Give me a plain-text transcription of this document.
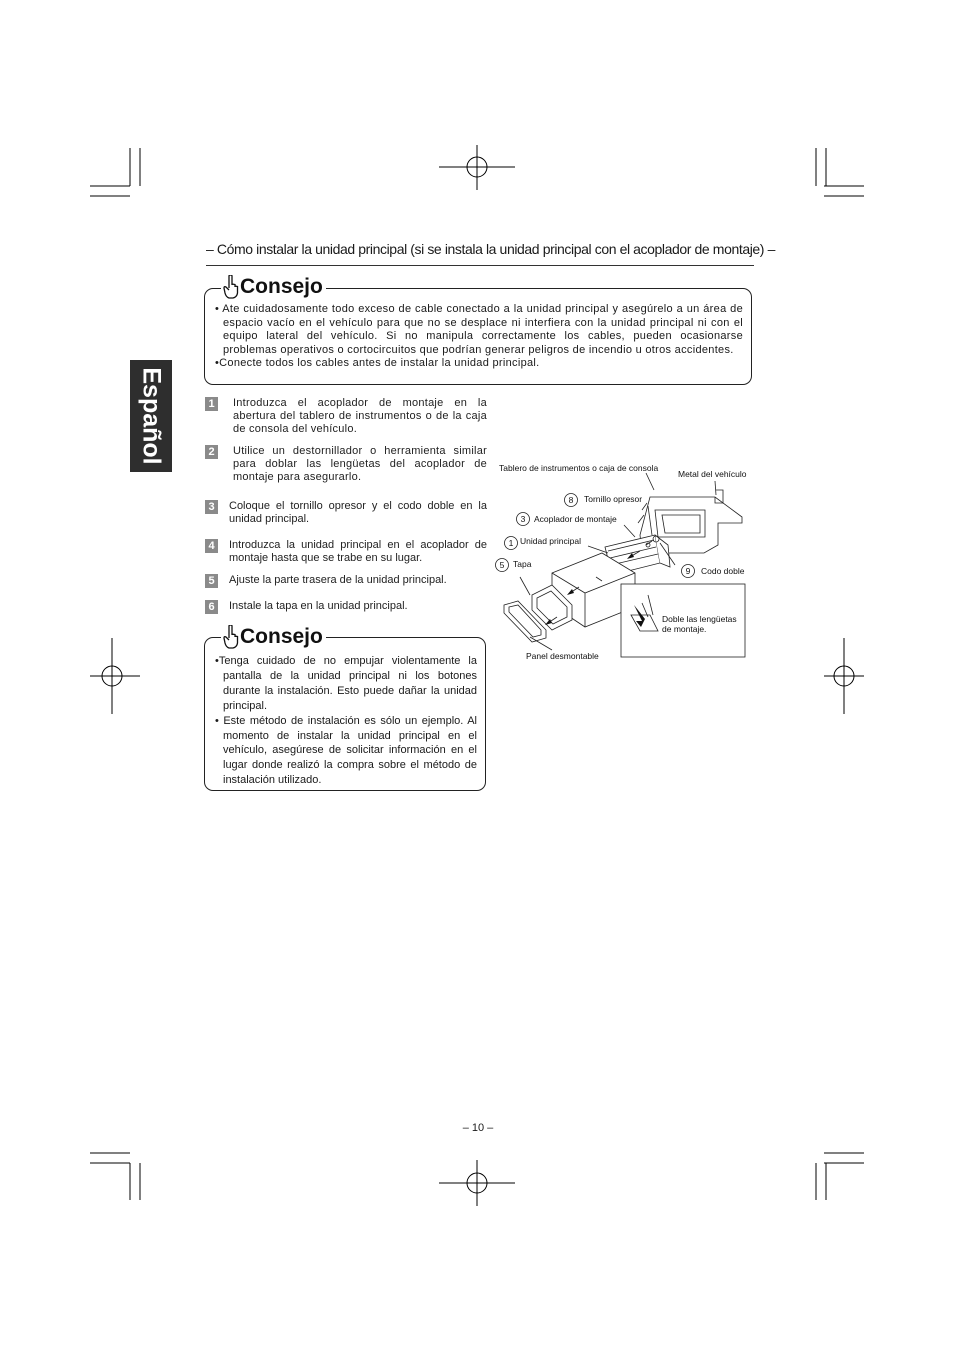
Español
– Cómo instalar la unidad principal (si se instala la unidad principal con el acoplador de montaje) –
Consejo

• Ate cuidadosamente todo exceso de cable conectado a la unidad principal y asegúrelo a un área de espacio vacío en el vehículo para que no se desplace ni interfiera con la unidad principal ni con el equipo lateral del vehículo. Si no manipula correctamente los cables, pueden ocasionarse problemas operativos o cortocircuitos que podrían generar peligros de incendio u otros accidentes.

•Conecte todos los cables antes de instalar la unidad principal.

1	Introduzca el acoplador de montaje en la abertura del tablero de instrumentos o de la caja de consola del vehículo.
2	Utilice un destornillador o herramienta similar para doblar las lengüetas del acoplador de montaje para asegurarlo.
3	Coloque el tornillo opresor y el codo doble en la unidad principal.
4	Introduzca la unidad principal en el acoplador de montaje hasta que se trabe en su lugar.
5	Ajuste la parte trasera de la unidad principal.
6	Instale la tapa en la unidad principal.
Consejo

•Tenga cuidado de no empujar violentamente la pantalla de la unidad principal ni los botones durante la instalación. Esto puede dañar la unidad principal.

• Este método de instalación es sólo un ejemplo. Al momento de instalar la unidad principal en el vehículo, asegúrese de solicitar información en el lugar donde realizó la compra sobre el método de instalación utilizado.

Tablero de instrumentos o caja de consola
Metal del vehículo
8 Tornillo opresor
3 Acoplador de montaje
1 Unidad principal
5 Tapa
9 Codo doble
Doble las lengüetas
de montaje.
Panel desmontable
– 10 –
